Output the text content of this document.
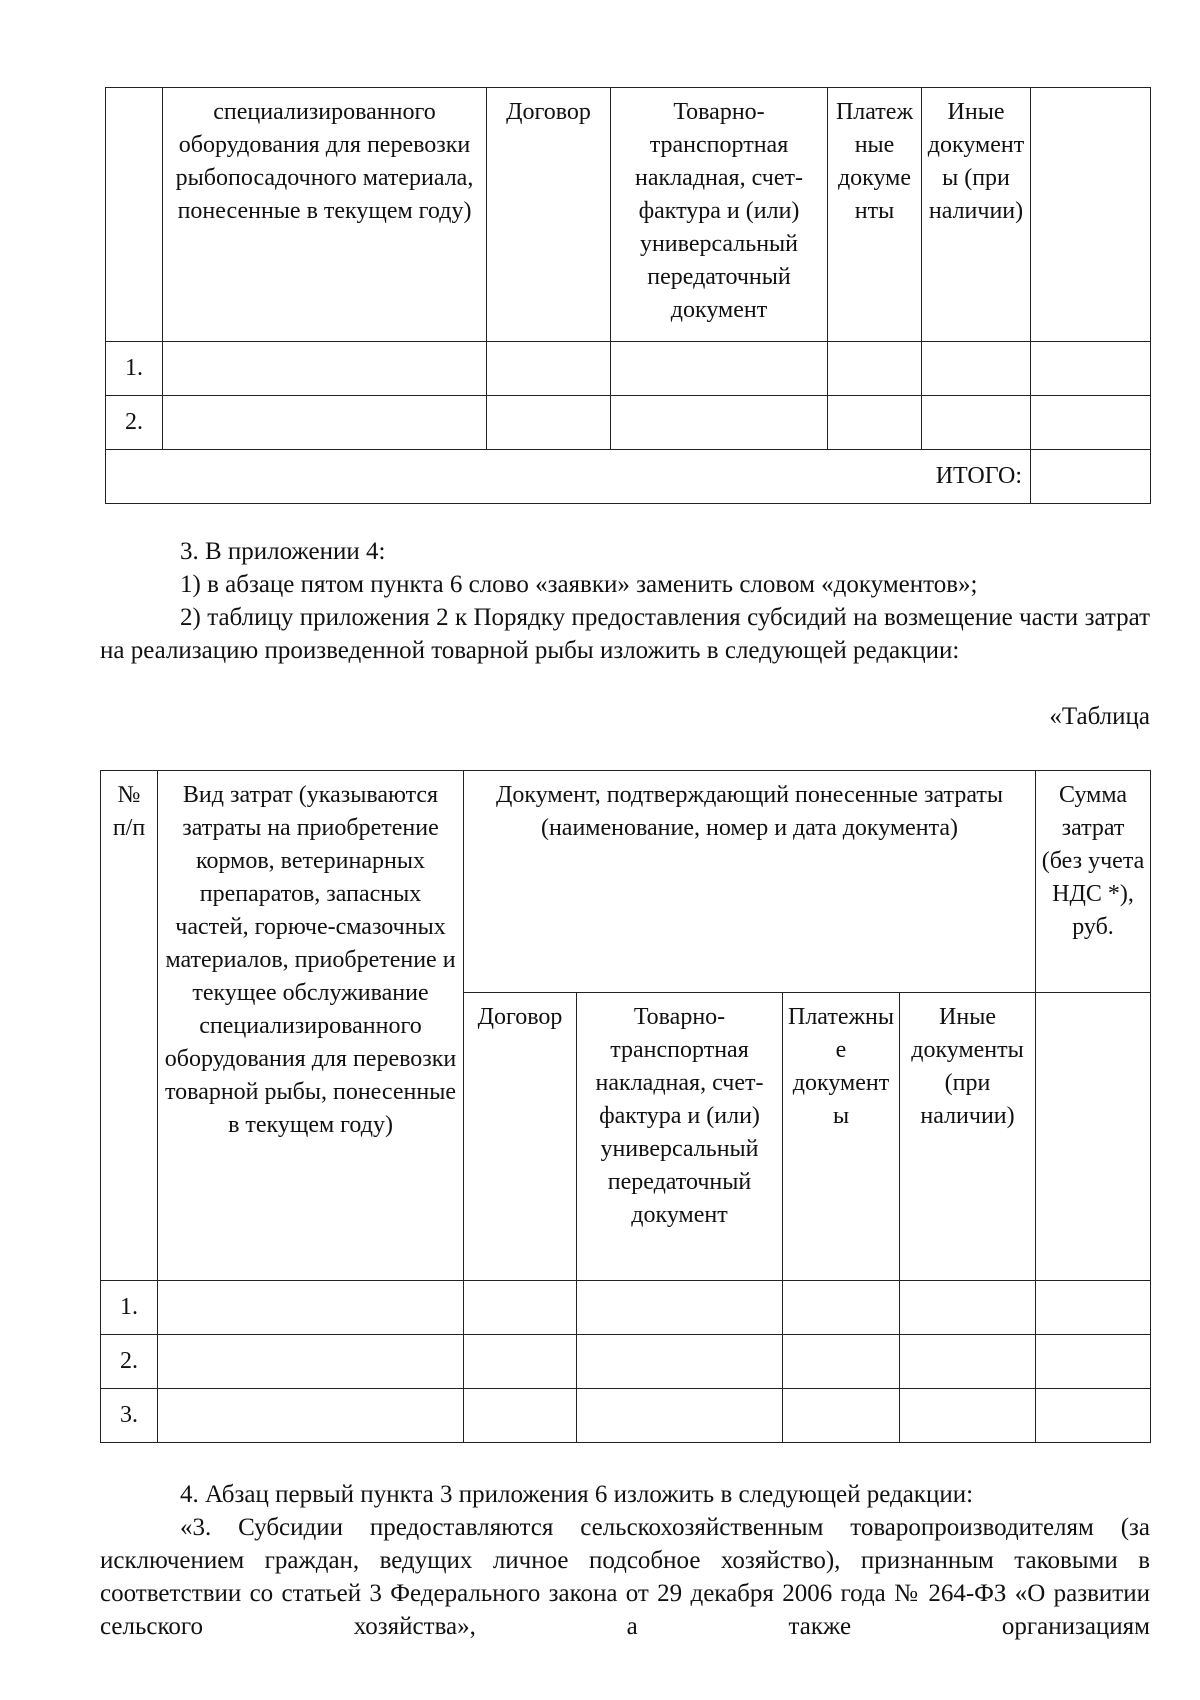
	специализированного оборудования для перевозки рыбопосадочного материала, понесенные в текущем году)	Договор	Товарно-транспортная накладная, счет-фактура и (или) универсальный передаточный документ	Платежные документы	Иные документы (при наличии)	
1.						
2.						
ИТОГО:						

3. В приложении 4:

1) в абзаце пятом пункта 6 слово «заявки» заменить словом «документов»;

2) таблицу приложения 2 к Порядку предоставления субсидий на возмещение части затрат на реализацию произведенной товарной рыбы изложить в следующей редакции:

«Таблица

№ п/п	Вид затрат (указываются затраты на приобретение кормов, ветеринарных препаратов, запасных частей, горюче-смазочных материалов, приобретение и текущее обслуживание специализированного оборудования для перевозки товарной рыбы, понесенные в текущем году)	Документ, подтверждающий понесенные затраты (наименование, номер и дата документа)				Сумма затрат (без учета НДС *), руб.
		Договор	Товарно-транспортная накладная, счет-фактура и (или) универсальный передаточный документ	Платежные документы	Иные документы (при наличии)	
1.						
2.						
3.						

4. Абзац первый пункта 3 приложения 6 изложить в следующей редакции:

«3. Субсидии предоставляются сельскохозяйственным товаропроизводителям (за исключением граждан, ведущих личное подсобное хозяйство), признанным таковыми в соответствии со статьей 3 Федерального закона от 29 декабря 2006 года № 264-ФЗ «О развитии сельского хозяйства», а также организациям
